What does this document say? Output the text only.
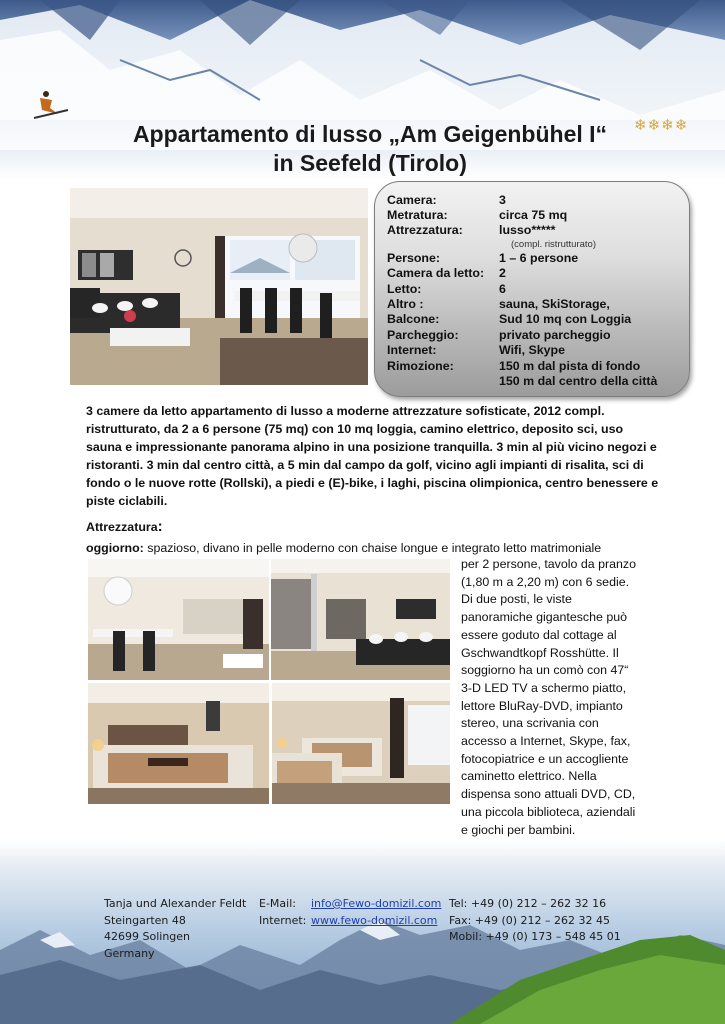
Appartamento di lusso „Am Geigenbühel I“
in Seefeld (Tirolo)
❄❄❄❄
Camera:	3
Metratura:	circa 75 mq
Attrezzatura:	lusso*****
(compl. ristrutturato)
Persone:	1 – 6 persone
Camera da letto: 2
Letto:	6
Altro :	sauna, SkiStorage,
Balcone:	Sud 10 mq con Loggia
Parcheggio:	privato parcheggio
Internet:	Wifi, Skype
Rimozione:	150 m dal pista di fondo
150 m dal centro della città
3 camere da letto appartamento di lusso a moderne attrezzature sofisticate, 2012 compl. ristrutturato, da 2 a 6 persone (75 mq) con 10 mq loggia, camino elettrico, deposito sci, uso sauna e impressionante panorama alpino in una posizione tranquilla. 3 min al più vicino negozi e ristoranti. 3 min dal centro città, a 5 min dal campo da golf, vicino agli impianti di risalita, sci di fondo o le nuove rotte (Rollski), a piedi e (E)-bike, i laghi, piscina olimpionica, centro benessere e piste ciclabili.
Attrezzatura:
oggiorno: spazioso, divano in pelle moderno con chaise longue e integrato letto matrimoniale
per 2 persone, tavolo da pranzo
(1,80 m a 2,20 m) con 6 sedie.
Di due posti, le viste
panoramiche gigantesche può
essere goduto dal cottage al
Gschwandtkopf Rosshütte. Il
soggiorno ha un comò con 47“
3-D LED TV a schermo piatto,
lettore BluRay-DVD, impianto
stereo, una scrivania con
accesso a Internet, Skype, fax,
fotocopiatrice e un accogliente
caminetto elettrico. Nella
dispensa sono attuali DVD, CD,
una piccola biblioteca, aziendali
e giochi per bambini.
Tanja und Alexander Feldt
Steingarten 48
42699 Solingen
Germany
E-Mail:
Internet:
info@Fewo-domizil.com
www.fewo-domizil.com
Tel: +49 (0) 212 – 262 32 16
Fax: +49 (0) 212 – 262 32 45
Mobil: +49 (0) 173 – 548 45 01
